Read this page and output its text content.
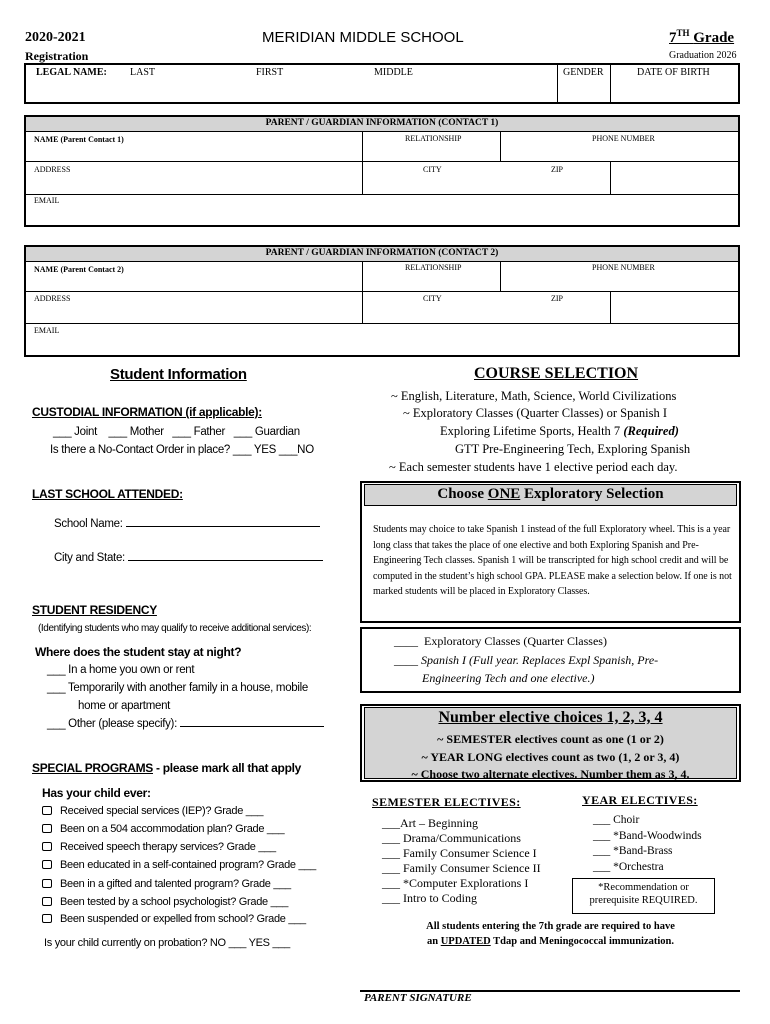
2020-2021
Registration
MERIDIAN MIDDLE SCHOOL	7TH Grade
Graduation 2026
LEGAL NAME: LAST	FIRST	MIDDLE	GENDER	DATE OF BIRTH
PARENT / GUARDIAN INFORMATION (CONTACT 1)
NAME (Parent Contact 1)	RELATIONSHIP	PHONE NUMBER
ADDRESS	CITY	ZIP
EMAIL
PARENT / GUARDIAN INFORMATION (CONTACT 2)
NAME (Parent Contact 2)	RELATIONSHIP	PHONE NUMBER
ADDRESS	CITY	ZIP
EMAIL
Student Information
CUSTODIAL INFORMATION (if applicable):
___ Joint    ___ Mother   ___ Father   ___ Guardian
Is there a No-Contact Order in place? ___ YES ___NO
LAST SCHOOL ATTENDED:
School Name:
City and State:
STUDENT RESIDENCY
(Identifying students who may qualify to receive additional services):
Where does the student stay at night?
___ In a home you own or rent
___ Temporarily with another family in a house, mobile
home or apartment
___ Other (please specify):
SPECIAL PROGRAMS - please mark all that apply
Has your child ever:
Received special services (IEP)? Grade ___
Been on a 504 accommodation plan? Grade ___
Received speech therapy services? Grade ___
Been educated in a self-contained program? Grade ___
Been in a gifted and talented program? Grade ___
Been tested by a school psychologist? Grade ___
Been suspended or expelled from school? Grade ___
Is your child currently on probation? NO ___ YES ___
COURSE SELECTION
~ English, Literature, Math, Science, World Civilizations
~ Exploratory Classes (Quarter Classes) or Spanish I
Exploring Lifetime Sports, Health 7 (Required)
GTT Pre-Engineering Tech, Exploring Spanish
~ Each semester students have 1 elective period each day.
Choose ONE Exploratory Selection
Students may choice to take Spanish 1 instead of the full Exploratory wheel. This is a year long class that takes the place of one elective and both Exploring Spanish and Pre-Engineering Tech classes. Spanish 1 will be transcripted for high school credit and will be computed in the student’s high school GPA. PLEASE make a selection below. If one is not marked students will be placed in Exploratory Classes.
____  Exploratory Classes (Quarter Classes)
____ Spanish I (Full year. Replaces Expl Spanish, Pre-
Engineering Tech and one elective.)
Number elective choices 1, 2, 3, 4
~ SEMESTER electives count as one (1 or 2)
~ YEAR LONG electives count as two (1, 2 or 3, 4)
~ Choose two alternate electives. Number them as 3, 4.
SEMESTER ELECTIVES:
___Art – Beginning
___ Drama/Communications
___ Family Consumer Science I
___ Family Consumer Science II
___ *Computer Explorations I
___ Intro to Coding
YEAR ELECTIVES:
___ Choir
___ *Band-Woodwinds
___ *Band-Brass
___ *Orchestra
*Recommendation or
prerequisite REQUIRED.
All students entering the 7th grade are required to have
an UPDATED Tdap and Meningococcal immunization.
PARENT SIGNATURE
